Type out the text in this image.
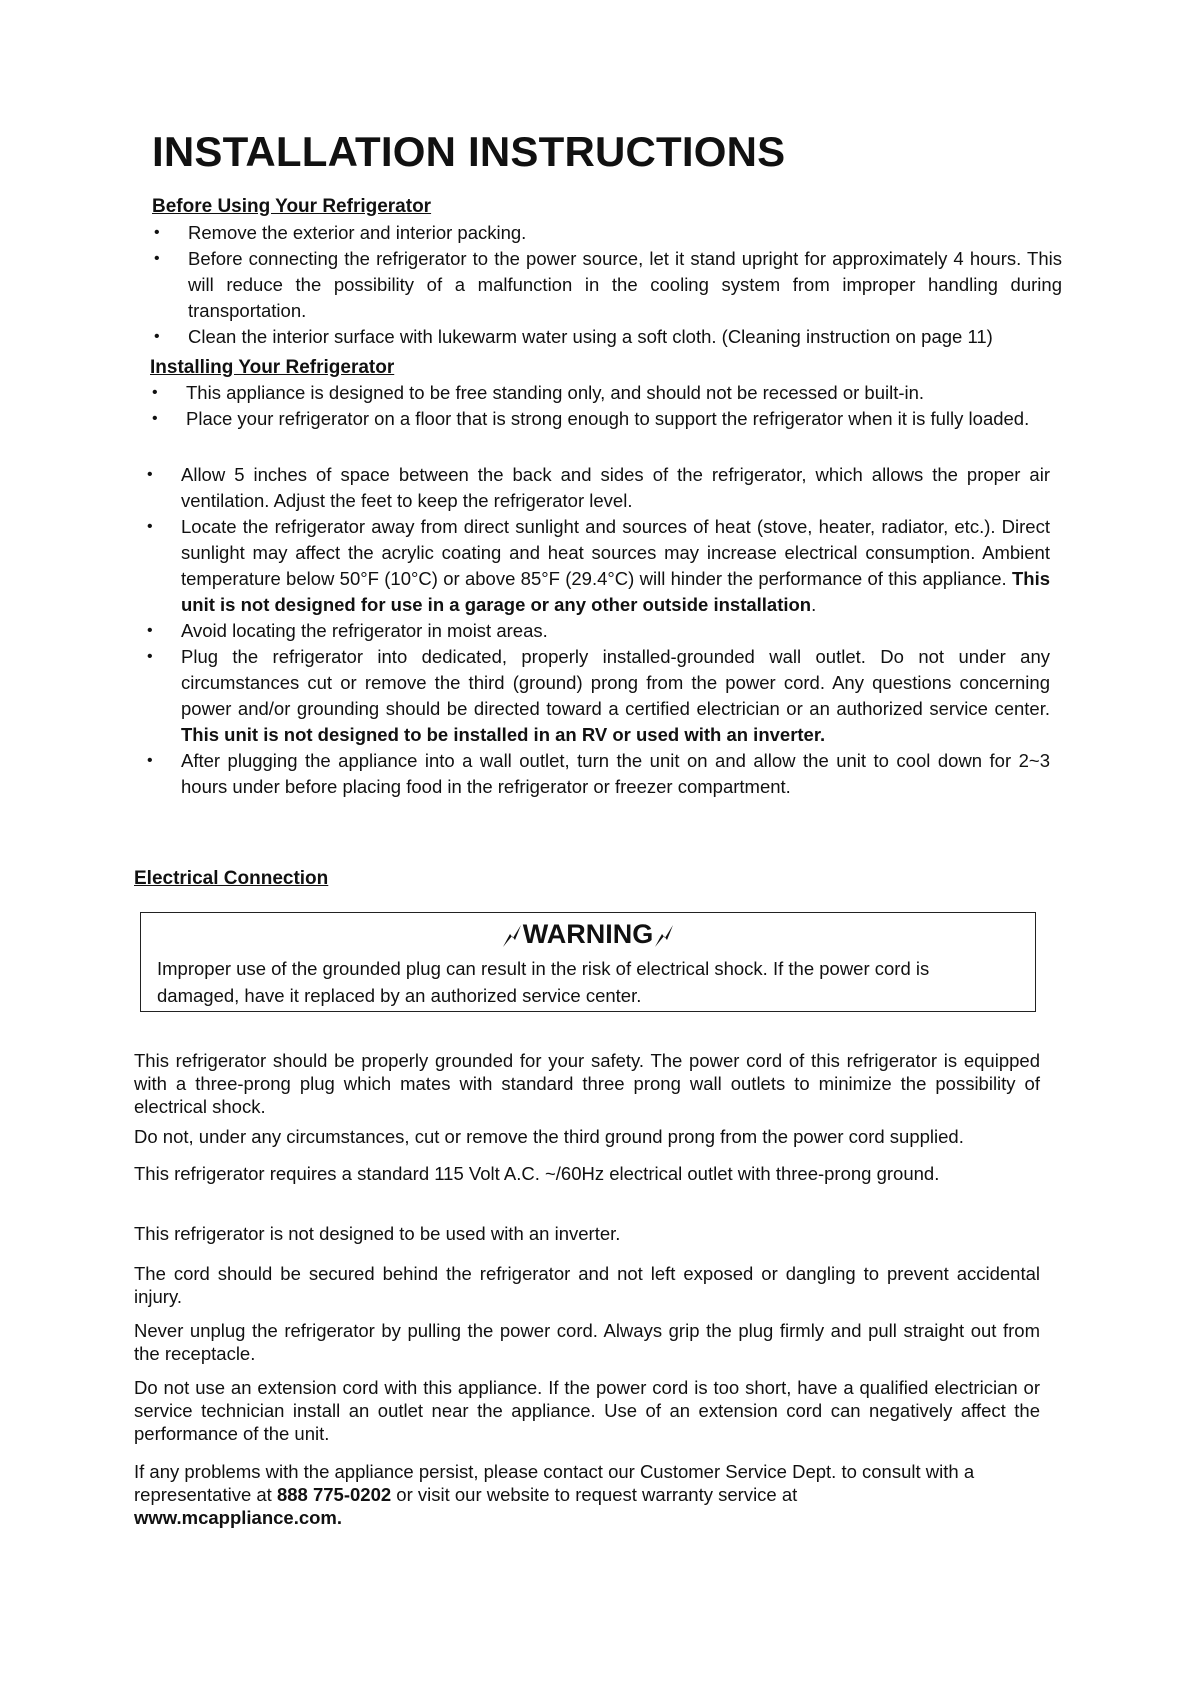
INSTALLATION INSTRUCTIONS
Before Using Your Refrigerator
• Remove the exterior and interior packing.
• Before connecting the refrigerator to the power source, let it stand upright for approximately 4 hours. This will reduce the possibility of a malfunction in the cooling system from improper handling during transportation.
• Clean the interior surface with lukewarm water using a soft cloth. (Cleaning instruction on page 11)
Installing Your Refrigerator
• This appliance is designed to be free standing only, and should not be recessed or built-in.
• Place your refrigerator on a floor that is strong enough to support the refrigerator when it is fully loaded.
• Allow 5 inches of space between the back and sides of the refrigerator, which allows the proper air ventilation. Adjust the feet to keep the refrigerator level.
• Locate the refrigerator away from direct sunlight and sources of heat (stove, heater, radiator, etc.). Direct sunlight may affect the acrylic coating and heat sources may increase electrical consumption. Ambient temperature below 50°F (10°C) or above 85°F (29.4°C) will hinder the performance of this appliance. This unit is not designed for use in a garage or any other outside installation.
• Avoid locating the refrigerator in moist areas.
• Plug the refrigerator into dedicated, properly installed-grounded wall outlet. Do not under any circumstances cut or remove the third (ground) prong from the power cord. Any questions concerning power and/or grounding should be directed toward a certified electrician or an authorized service center. This unit is not designed to be installed in an RV or used with an inverter.
• After plugging the appliance into a wall outlet, turn the unit on and allow the unit to cool down for 2~3 hours under before placing food in the refrigerator or freezer compartment.
Electrical Connection
WARNING
Improper use of the grounded plug can result in the risk of electrical shock. If the power cord is damaged, have it replaced by an authorized service center.

This refrigerator should be properly grounded for your safety. The power cord of this refrigerator is equipped with a three-prong plug which mates with standard three prong wall outlets to minimize the possibility of electrical shock.

Do not, under any circumstances, cut or remove the third ground prong from the power cord supplied.

This refrigerator requires a standard 115 Volt A.C. ~/60Hz electrical outlet with three-prong ground.

This refrigerator is not designed to be used with an inverter.

The cord should be secured behind the refrigerator and not left exposed or dangling to prevent accidental injury.

Never unplug the refrigerator by pulling the power cord. Always grip the plug firmly and pull straight out from the receptacle.

Do not use an extension cord with this appliance. If the power cord is too short, have a qualified electrician or service technician install an outlet near the appliance. Use of an extension cord can negatively affect the performance of the unit.

If any problems with the appliance persist, please contact our Customer Service Dept. to consult with a representative at 888 775-0202 or visit our website to request warranty service at
www.mcappliance.com.
